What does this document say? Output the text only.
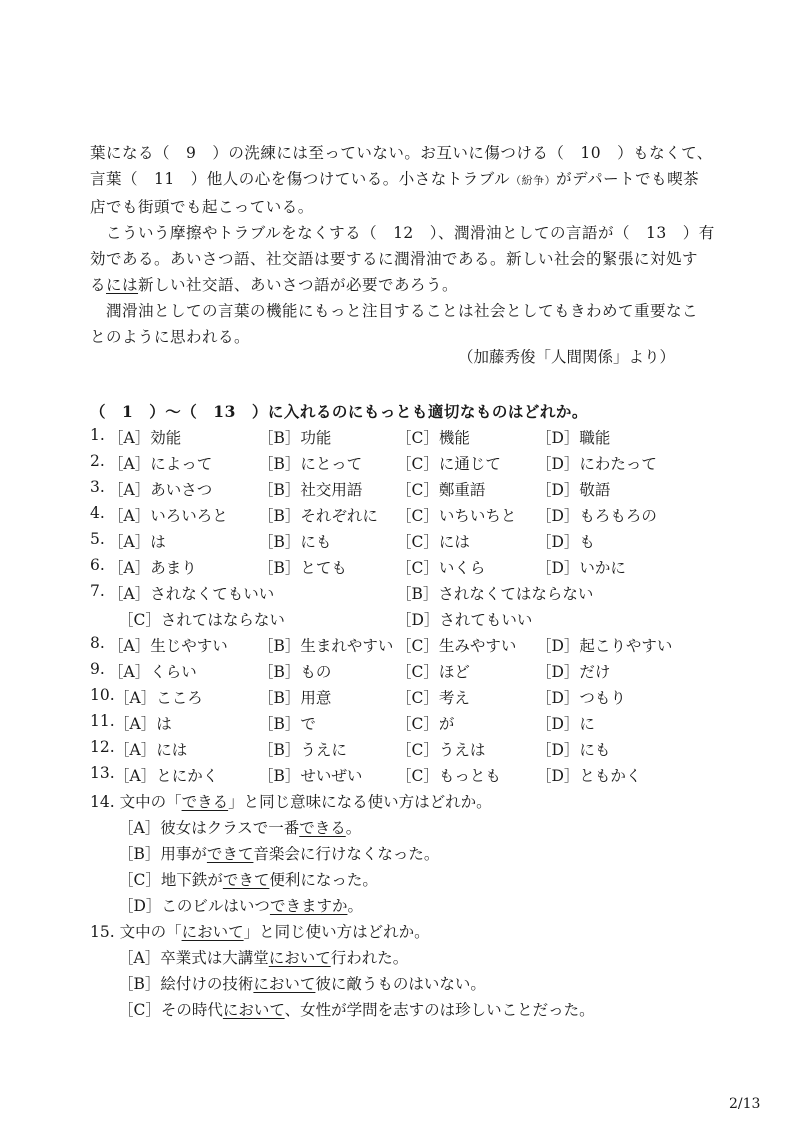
葉になる（　9　）の洗練には至っていない。お互いに傷つける（　10　）もなくて、
言葉（　11　）他人の心を傷つけている。小さなトラブル（紛争）がデパートでも喫茶
店でも街頭でも起こっている。
こういう摩擦やトラブルをなくする（　12　）、潤滑油としての言語が（　13　）有
効である。あいさつ語、社交語は要するに潤滑油である。新しい社会的緊張に対処す
るには新しい社交語、あいさつ語が必要であろう。
潤滑油としての言葉の機能にもっと注目することは社会としてもきわめて重要なこ
とのように思われる。
（加藤秀俊「人間関係」より）
（　1　）～（　13　）に入れるのにもっとも適切なものはどれか。
1. ［A］効能	［B］功能	［C］機能	［D］職能
2. ［A］によって	［B］にとって ［C］に通じて ［D］にわたって
3. ［A］あいさつ	［B］社交用語 ［C］鄭重語	［D］敬語
4. ［A］いろいろと ［B］それぞれに ［C］いちいちと ［D］もろもろの
5. ［A］は	［B］にも	［C］には	［D］も
6. ［A］あまり	［B］とても	［C］いくら	［D］いかに
7. ［A］されなくてもいい	［B］されなくてはならない
［C］されてはならない	［D］されてもいい
8. ［A］生じやすい ［B］生まれやすい ［C］生みやすい ［D］起こりやすい
9. ［A］くらい	［B］もの	［C］ほど	［D］だけ
10. ［A］こころ	［B］用意	［C］考え	［D］つもり
11. ［A］は	［B］で	［C］が	［D］に
12. ［A］には	［B］うえに	［C］うえは	［D］にも
13. ［A］とにかく	［B］せいぜい ［C］もっとも ［D］ともかく
14. 文中の「できる」と同じ意味になる使い方はどれか。
［A］彼女はクラスで一番できる。
［B］用事ができて音楽会に行けなくなった。
［C］地下鉄ができて便利になった。
［D］このビルはいつできますか。
15. 文中の「において」と同じ使い方はどれか。
［A］卒業式は大講堂において行われた。
［B］絵付けの技術において彼に敵うものはいない。
［C］その時代において、女性が学問を志すのは珍しいことだった。
2/13
